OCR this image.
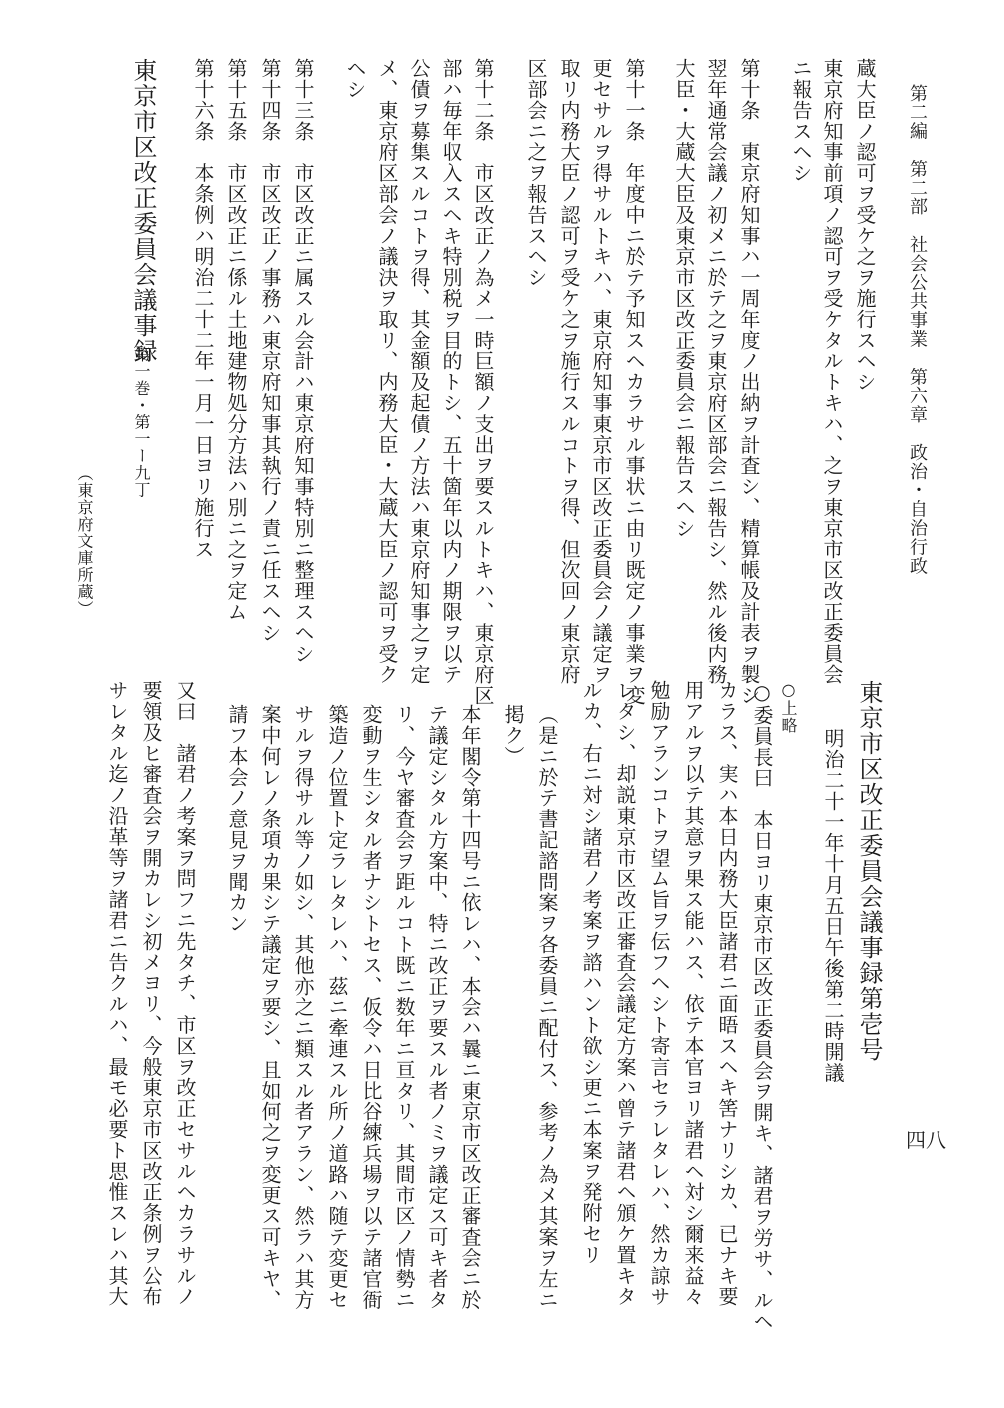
第二編　第二部　社会公共事業　第六章　政治・自治行政
四八
蔵大臣ノ認可ヲ受ケ之ヲ施行スヘシ
東京府知事前項ノ認可ヲ受ケタルトキハ、之ヲ東京市区改正委員会
ニ報告スヘシ
第十条　東京府知事ハ一周年度ノ出納ヲ計査シ、精算帳及計表ヲ製シ
翌年通常会議ノ初メニ於テ之ヲ東京府区部会ニ報告シ、然ル後内務
大臣・大蔵大臣及東京市区改正委員会ニ報告スヘシ
第十一条　年度中ニ於テ予知スヘカラサル事状ニ由リ既定ノ事業ヲ変
更セサルヲ得サルトキハ、東京府知事東京市区改正委員会ノ議定ヲ
取リ内務大臣ノ認可ヲ受ケ之ヲ施行スルコトヲ得、但次回ノ東京府
区部会ニ之ヲ報告スヘシ
第十二条　市区改正ノ為メ一時巨額ノ支出ヲ要スルトキハ、東京府区
部ハ毎年収入スヘキ特別税ヲ目的トシ、五十箇年以内ノ期限ヲ以テ
公債ヲ募集スルコトヲ得、其金額及起債ノ方法ハ東京府知事之ヲ定
メ、東京府区部会ノ議決ヲ取リ、内務大臣・大蔵大臣ノ認可ヲ受ク
ヘシ
第十三条　市区改正ニ属スル会計ハ東京府知事特別ニ整理スヘシ
第十四条　市区改正ノ事務ハ東京府知事其執行ノ責ニ任スヘシ
第十五条　市区改正ニ係ル土地建物処分方法ハ別ニ之ヲ定ム
第十六条　本条例ハ明治二十二年一月一日ヨリ施行ス
東京市区改正委員会議事録
第一巻・第一ー九丁
（東京府文庫所蔵）
東京市区改正委員会議事録第壱号
明治二十一年十月五日午後第二時開議
○上略
○委員長曰　本日ヨリ東京市区改正委員会ヲ開キ、諸君ヲ労サ、ルヘ
カラス、実ハ本日内務大臣諸君ニ面晤スヘキ筈ナリシカ、已ナキ要
用アルヲ以テ其意ヲ果ス能ハス、依テ本官ヨリ諸君ヘ対シ爾来益々
勉励アランコトヲ望ム旨ヲ伝フヘシト寄言セラレタレハ、然カ諒サ
レタシ、却説東京市区改正審査会議定方案ハ曾テ諸君ヘ頒ケ置キタ
ルカ、右ニ対シ諸君ノ考案ヲ諮ハント欲シ更ニ本案ヲ発附セリ
（是ニ於テ書記諮問案ヲ各委員ニ配付ス、参考ノ為メ其案ヲ左ニ
掲ク）
本年閣令第十四号ニ依レハ、本会ハ曩ニ東京市区改正審査会ニ於
テ議定シタル方案中、特ニ改正ヲ要スル者ノミヲ議定ス可キ者タ
リ、今ヤ審査会ヲ距ルコト既ニ数年ニ亘タリ、其間市区ノ情勢ニ
変動ヲ生シタル者ナシトセス、仮令ハ日比谷練兵場ヲ以テ諸官衙
築造ノ位置ト定ラレタレハ、茲ニ牽連スル所ノ道路ハ随テ変更セ
サルヲ得サル等ノ如シ、其他亦之ニ類スル者アラン、然ラハ其方
案中何レノ条項カ果シテ議定ヲ要シ、且如何之ヲ変更ス可キヤ、
請フ本会ノ意見ヲ聞カン
又曰　諸君ノ考案ヲ問フニ先タチ、市区ヲ改正セサルヘカラサルノ
要領及ヒ審査会ヲ開カレシ初メヨリ、今般東京市区改正条例ヲ公布
サレタル迄ノ沿革等ヲ諸君ニ告クルハ、最モ必要ト思惟スレハ其大
